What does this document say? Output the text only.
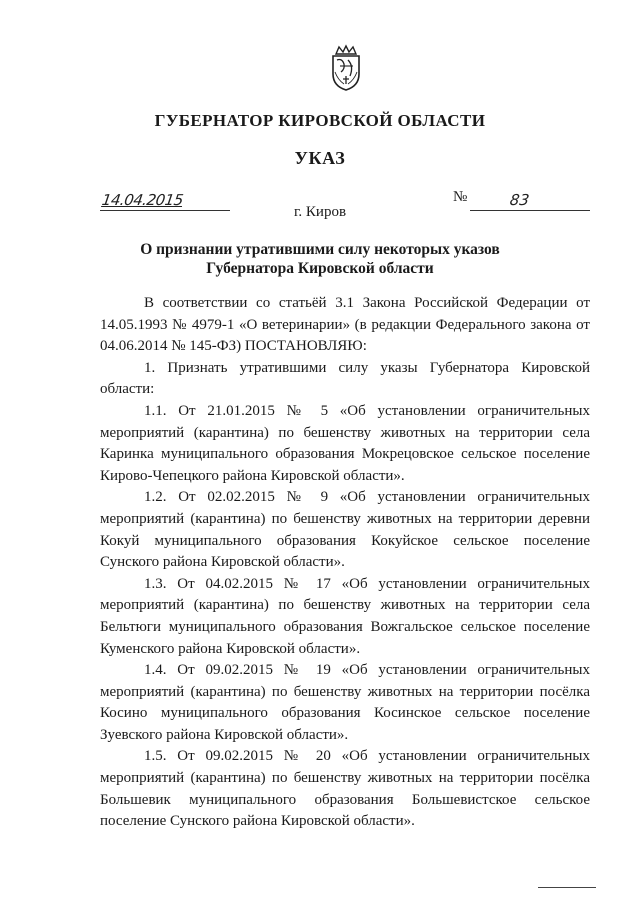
ГУБЕРНАТОР КИРОВСКОЙ ОБЛАСТИ
УКАЗ
14.04.2015	№	83
г. Киров
О признании утратившими силу некоторых указов
Губернатора Кировской области

В соответствии со статьёй 3.1 Закона Российской Федерации от 14.05.1993 № 4979-1 «О ветеринарии» (в редакции Федерального закона от 04.06.2014 № 145-ФЗ) ПОСТАНОВЛЯЮ:

1. Признать утратившими силу указы Губернатора Кировской области:

1.1. От 21.01.2015 № 5 «Об установлении ограничительных мероприятий (карантина) по бешенству животных на территории села Каринка муниципального образования Мокрецовское сельское поселение Кирово-Чепецкого района Кировской области».

1.2. От 02.02.2015 № 9 «Об установлении ограничительных мероприятий (карантина) по бешенству животных на территории деревни Кокуй муниципального образования Кокуйское сельское поселение Сунского района Кировской области».

1.3. От 04.02.2015 № 17 «Об установлении ограничительных мероприятий (карантина) по бешенству животных на территории села Бельтюги муниципального образования Вожгальское сельское поселение Куменского района Кировской области».

1.4. От 09.02.2015 № 19 «Об установлении ограничительных мероприятий (карантина) по бешенству животных на территории посёлка Косино муниципального образования Косинское сельское поселение Зуевского района Кировской области».

1.5. От 09.02.2015 № 20 «Об установлении ограничительных мероприятий (карантина) по бешенству животных на территории посёлка Большевик муниципального образования Большевистское сельское поселение Сунского района Кировской области».
